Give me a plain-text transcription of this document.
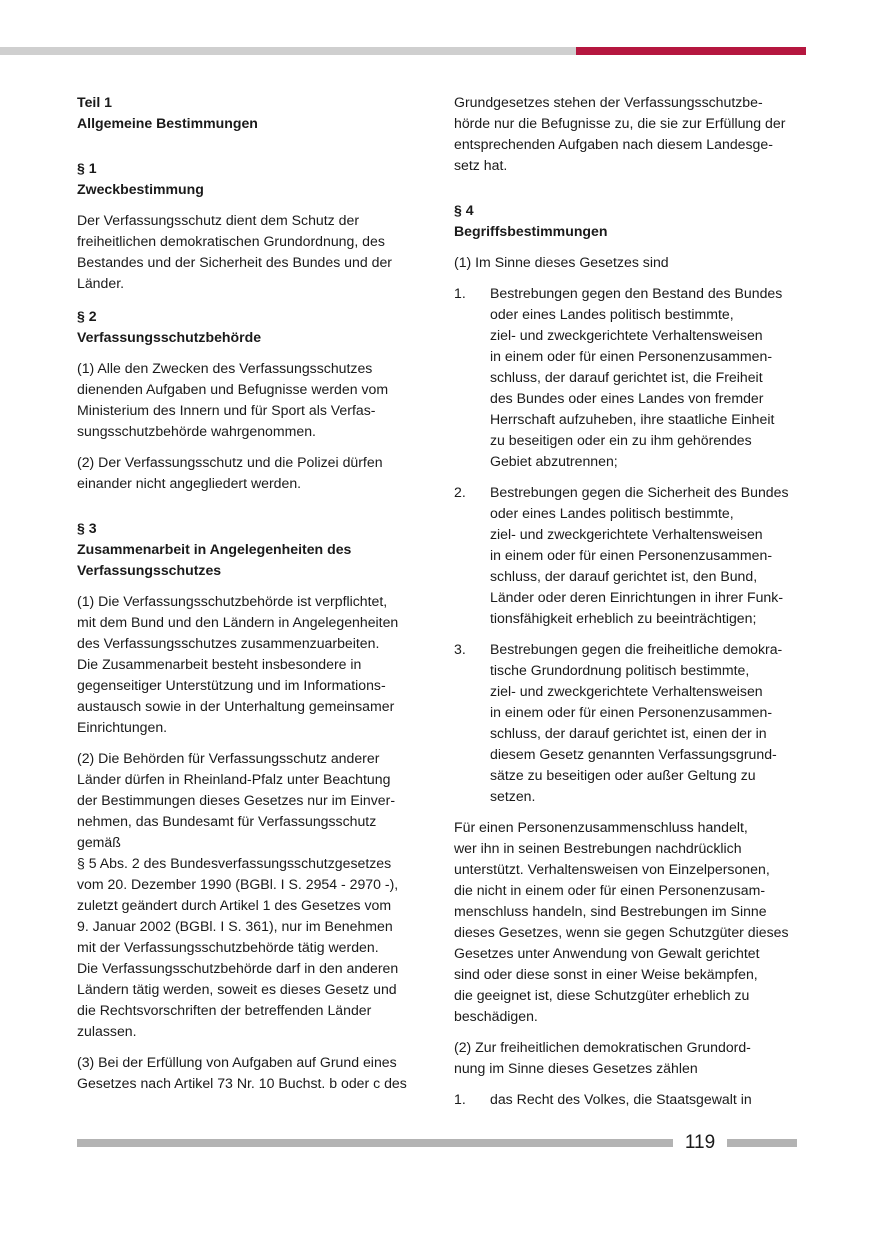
Teil 1

Allgemeine Bestimmungen

§ 1

Zweckbestimmung

Der Verfassungsschutz dient dem Schutz der
freiheitlichen demokratischen Grundordnung, des
Bestandes und der Sicherheit des Bundes und der
Länder.

§ 2

Verfassungsschutzbehörde

(1) Alle den Zwecken des Verfassungsschutzes
dienenden Aufgaben und Befugnisse werden vom
Ministerium des Innern und für Sport als Verfas-
sungsschutzbehörde wahrgenommen.
(2) Der Verfassungsschutz und die Polizei dürfen
einander nicht angegliedert werden.

§ 3

Zusammenarbeit in Angelegenheiten des

Verfassungsschutzes

(1) Die Verfassungsschutzbehörde ist verpflichtet,
mit dem Bund und den Ländern in Angelegenheiten
des Verfassungsschutzes zusammenzuarbeiten.
Die Zusammenarbeit besteht insbesondere in
gegenseitiger Unterstützung und im Informations-
austausch sowie in der Unterhaltung gemeinsamer
Einrichtungen.
(2) Die Behörden für Verfassungsschutz anderer
Länder dürfen in Rheinland-Pfalz unter Beachtung
der Bestimmungen dieses Gesetzes nur im Einver-
nehmen, das Bundesamt für Verfassungsschutz
gemäß
§ 5 Abs. 2 des Bundesverfassungsschutzgesetzes
vom 20. Dezember 1990 (BGBl. I S. 2954 - 2970 -),
zuletzt geändert durch Artikel 1 des Gesetzes vom
9. Januar 2002 (BGBl. I S. 361), nur im Benehmen
mit der Verfassungsschutzbehörde tätig werden.
Die Verfassungsschutzbehörde darf in den anderen
Ländern tätig werden, soweit es dieses Gesetz und
die Rechtsvorschriften der betreffenden Länder
zulassen.
(3) Bei der Erfüllung von Aufgaben auf Grund eines
Gesetzes nach Artikel 73 Nr. 10 Buchst. b oder c des
Grundgesetzes stehen der Verfassungsschutzbe-
hörde nur die Befugnisse zu, die sie zur Erfüllung der
entsprechenden Aufgaben nach diesem Landesge-
setz hat.

§ 4

Begriffsbestimmungen

(1) Im Sinne dieses Gesetzes sind
1.	Bestrebungen gegen den Bestand des Bundes
oder eines Landes politisch bestimmte,
ziel- und zweckgerichtete Verhaltensweisen
in einem oder für einen Personenzusammen-
schluss, der darauf gerichtet ist, die Freiheit
des Bundes oder eines Landes von fremder
Herrschaft aufzuheben, ihre staatliche Einheit
zu beseitigen oder ein zu ihm gehörendes
Gebiet abzutrennen;
2.	Bestrebungen gegen die Sicherheit des Bundes
oder eines Landes politisch bestimmte,
ziel- und zweckgerichtete Verhaltensweisen
in einem oder für einen Personenzusammen-
schluss, der darauf gerichtet ist, den Bund,
Länder oder deren Einrichtungen in ihrer Funk-
tionsfähigkeit erheblich zu beeinträchtigen;
3.	Bestrebungen gegen die freiheitliche demokra-
tische Grundordnung politisch bestimmte,
ziel- und zweckgerichtete Verhaltensweisen
in einem oder für einen Personenzusammen-
schluss, der darauf gerichtet ist, einen der in
diesem Gesetz genannten Verfassungsgrund-
sätze zu beseitigen oder außer Geltung zu
setzen.
Für einen Personenzusammenschluss handelt,
wer ihn in seinen Bestrebungen nachdrücklich
unterstützt. Verhaltensweisen von Einzelpersonen,
die nicht in einem oder für einen Personenzusam-
menschluss handeln, sind Bestrebungen im Sinne
dieses Gesetzes, wenn sie gegen Schutzgüter dieses
Gesetzes unter Anwendung von Gewalt gerichtet
sind oder diese sonst in einer Weise bekämpfen,
die geeignet ist, diese Schutzgüter erheblich zu
beschädigen.
(2) Zur freiheitlichen demokratischen Grundord-
nung im Sinne dieses Gesetzes zählen
1.	das Recht des Volkes, die Staatsgewalt in
119
